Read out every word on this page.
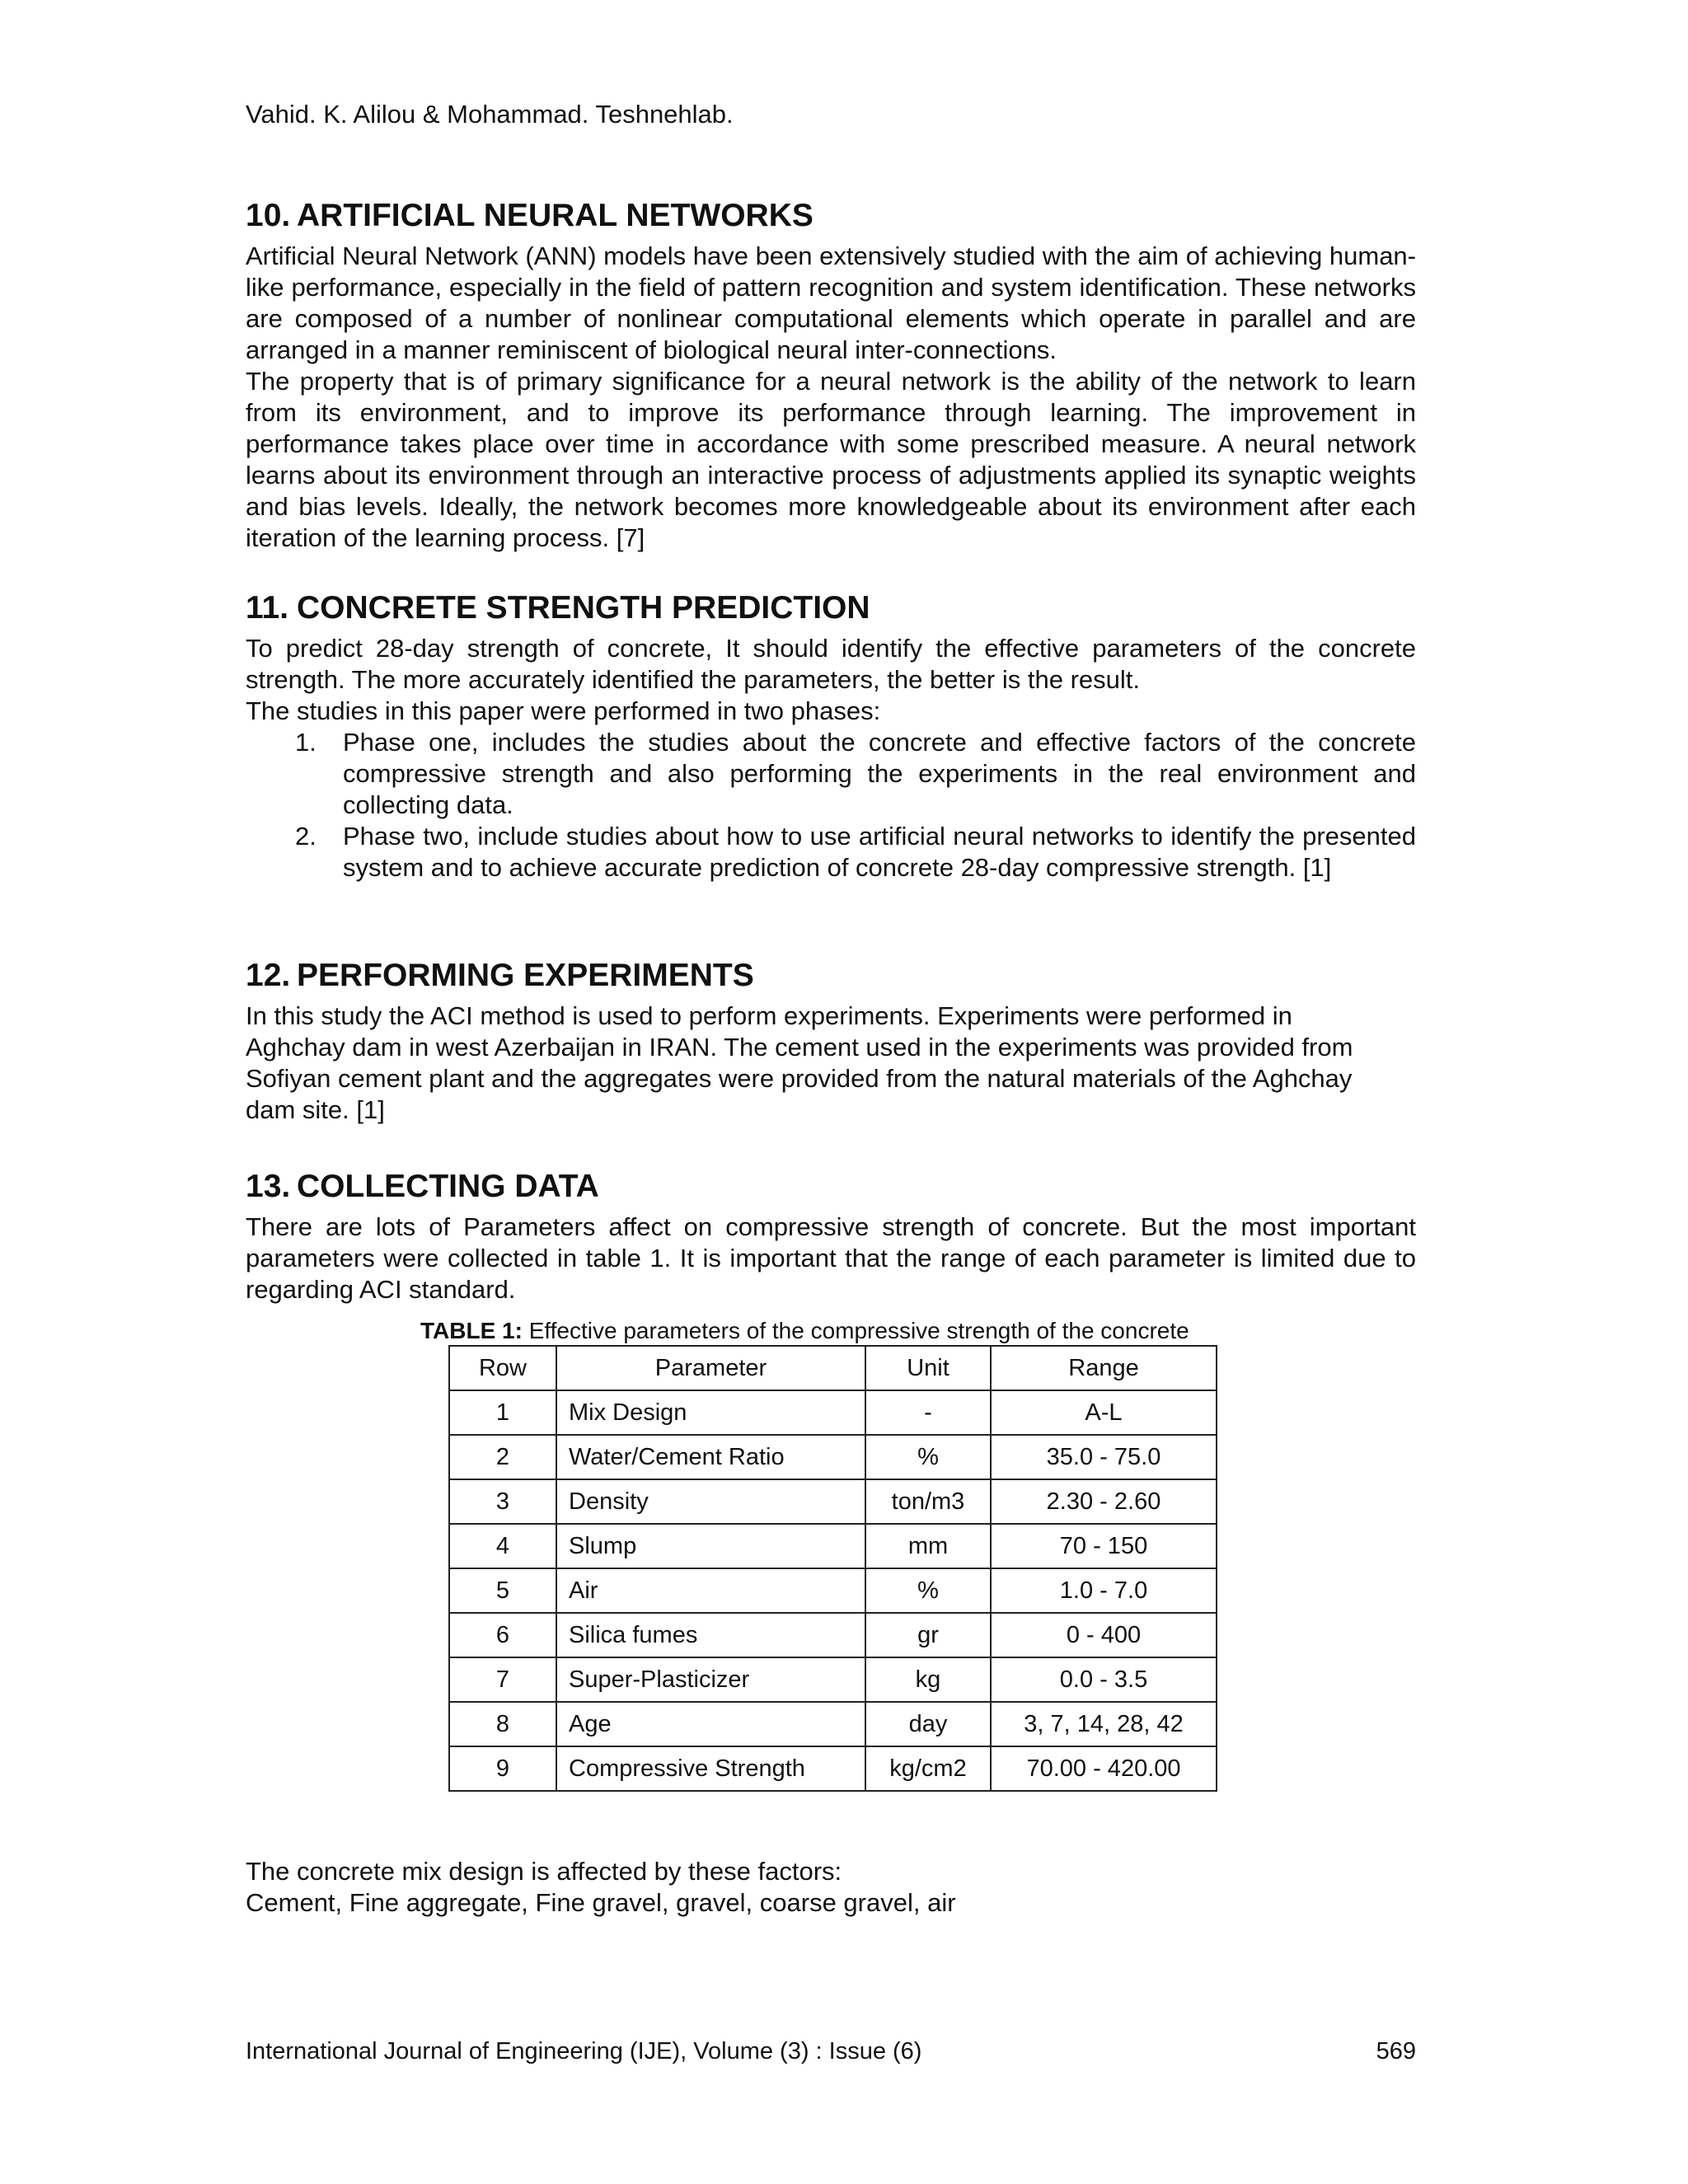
Vahid. K. Alilou & Mohammad. Teshnehlab.
10. ARTIFICIAL NEURAL NETWORKS

Artificial Neural Network (ANN) models have been extensively studied with the aim of achieving human-like performance, especially in the field of pattern recognition and system identification. These networks are composed of a number of nonlinear computational elements which operate in parallel and are arranged in a manner reminiscent of biological neural inter-connections.

The property that is of primary significance for a neural network is the ability of the network to learn from its environment, and to improve its performance through learning. The improvement in performance takes place over time in accordance with some prescribed measure. A neural network learns about its environment through an interactive process of adjustments applied its synaptic weights and bias levels. Ideally, the network becomes more knowledgeable about its environment after each iteration of the learning process. [7]

11. CONCRETE STRENGTH PREDICTION

To predict 28-day strength of concrete, It should identify the effective parameters of the concrete strength. The more accurately identified the parameters, the better is the result.

The studies in this paper were performed in two phases:

1. Phase one, includes the studies about the concrete and effective factors of the concrete compressive strength and also performing the experiments in the real environment and collecting data.
2. Phase two, include studies about how to use artificial neural networks to identify the presented system and to achieve accurate prediction of concrete 28-day compressive strength. [1]
12. PERFORMING EXPERIMENTS

In this study the ACI method is used to perform experiments. Experiments were performed in Aghchay dam in west Azerbaijan in IRAN. The cement used in the experiments was provided from Sofiyan cement plant and the aggregates were provided from the natural materials of the Aghchay dam site. [1]

13. COLLECTING DATA

There are lots of Parameters affect on compressive strength of concrete. But the most important parameters were collected in table 1. It is important that the range of each parameter is limited due to regarding ACI standard.

TABLE 1: Effective parameters of the compressive strength of the concrete
Row	Parameter	Unit	Range
1	Mix Design	-	A-L
2	Water/Cement Ratio	%	35.0 - 75.0
3	Density	ton/m3	2.30 - 2.60
4	Slump	mm	70 - 150
5	Air	%	1.0 - 7.0
6	Silica fumes	gr	0 - 400
7	Super-Plasticizer	kg	0.0 - 3.5
8	Age	day	3, 7, 14, 28, 42
9	Compressive Strength	kg/cm2	70.00 - 420.00

The concrete mix design is affected by these factors:

Cement, Fine aggregate, Fine gravel, gravel, coarse gravel, air

International Journal of Engineering (IJE), Volume (3) : Issue (6)	569
